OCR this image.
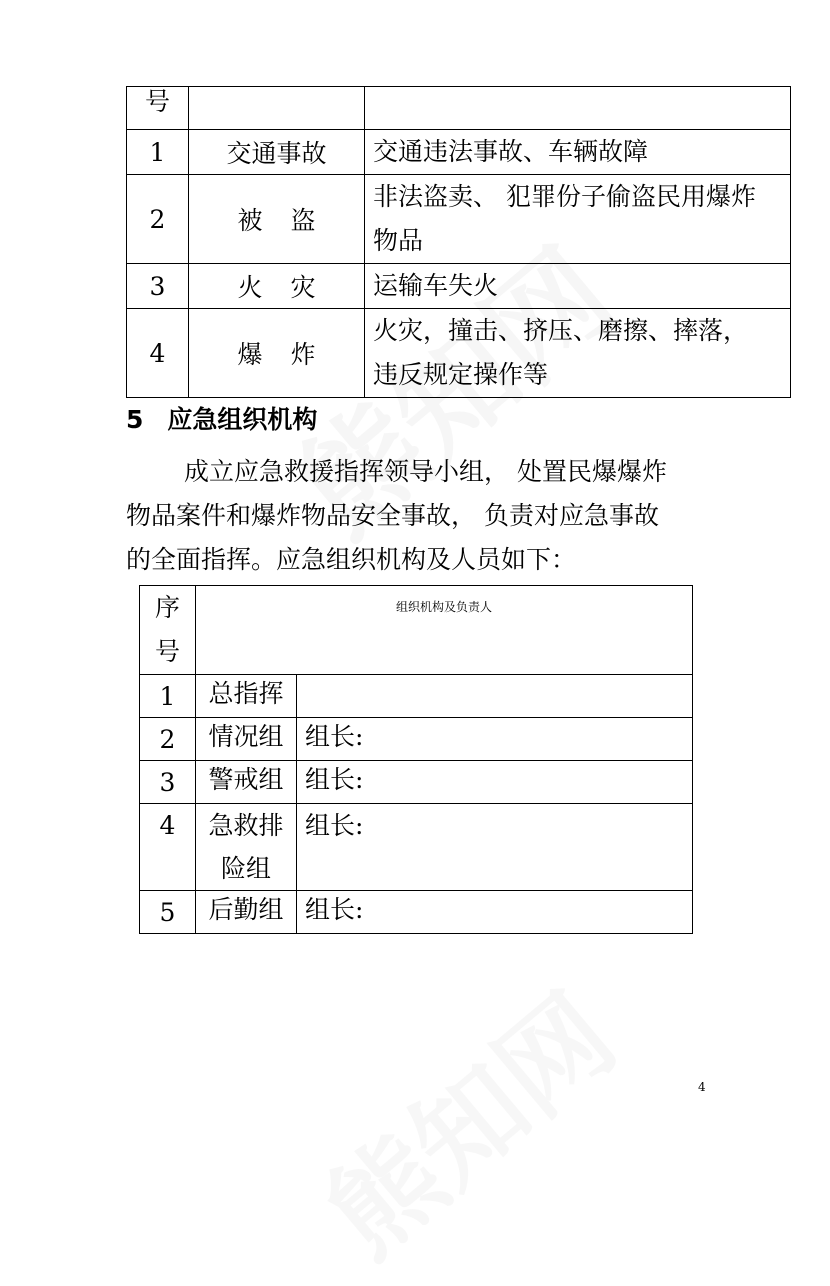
号		
1	交通事故	交通违法事故、车辆故障
2	被盗	非法盗卖、 犯罪份子偷盗民用爆炸
物品

3	火灾	运输车失火
4	爆炸	火灾，撞击、挤压、磨擦、摔落，
违反规定操作等
5 应急组织机构
成立应急救援指挥领导小组， 处置民爆爆炸
物品案件和爆炸物品安全事故， 负责对应急事故
的全面指挥。应急组织机构及人员如下：
序
号	组织机构及负责人	
1	总指挥	
2	情况组	组长:
3	警戒组	组长:
4	急救排
险组	组长:
5	后勤组	组长:
4
